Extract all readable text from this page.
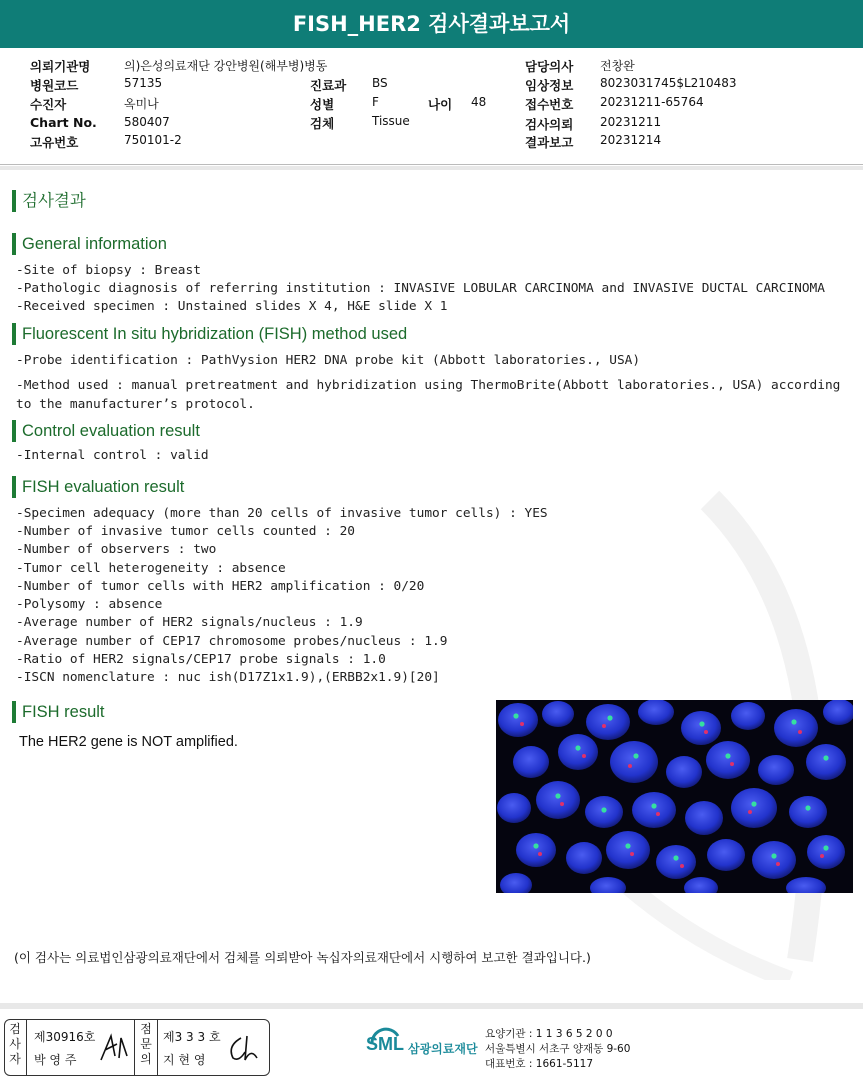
FISH_HER2 검사결과보고서
의뢰기관명	의)은성의료재단 강안병원(해부병)병동
병원코드	57135
수진자	옥미나
Chart No. 580407
고유번호	750101-2
진료과 BS
성별	F	나이 48
검체	Tissue
담당의사 전창완
임상정보 8023031745$L210483
접수번호 20231211-65764
검사의뢰 20231211
결과보고 20231214
검사결과
General information
-Site of biopsy : Breast
-Pathologic diagnosis of referring institution : INVASIVE LOBULAR CARCINOMA and INVASIVE DUCTAL CARCINOMA
-Received specimen : Unstained slides X 4, H&E slide X 1
Fluorescent In situ hybridization (FISH) method used
-Probe identification : PathVysion HER2 DNA probe kit (Abbott laboratories., USA)
-Method used : manual pretreatment and hybridization using ThermoBrite(Abbott laboratories., USA) according
to the manufacturer’s protocol.
Control evaluation result
-Internal control : valid
FISH evaluation result
-Specimen adequacy (more than 20 cells of invasive tumor cells) : YES
-Number of invasive tumor cells counted : 20
-Number of observers : two
-Tumor cell heterogeneity : absence
-Number of tumor cells with HER2 amplification : 0/20
-Polysomy : absence
-Average number of HER2 signals/nucleus : 1.9
-Average number of CEP17 chromosome probes/nucleus : 1.9
-Ratio of HER2 signals/CEP17 probe signals : 1.0
-ISCN nomenclature : nuc ish(D17Z1x1.9),(ERBB2x1.9)[20]
FISH result
The HER2 gene is NOT amplified.
(이 검사는 의료법인삼광의료재단에서 검체를 의뢰받아 녹십자의료재단에서 시행하여 보고한 결과입니다.)
검사자
제30916호
박 영 주
점문의
제3 3 3 호
지 현 영
SML 삼광의료재단
요양기관 : 1 1 3 6 5 2 0 0
서울특별시 서초구 양재동 9-60
대표번호 : 1661-5117
